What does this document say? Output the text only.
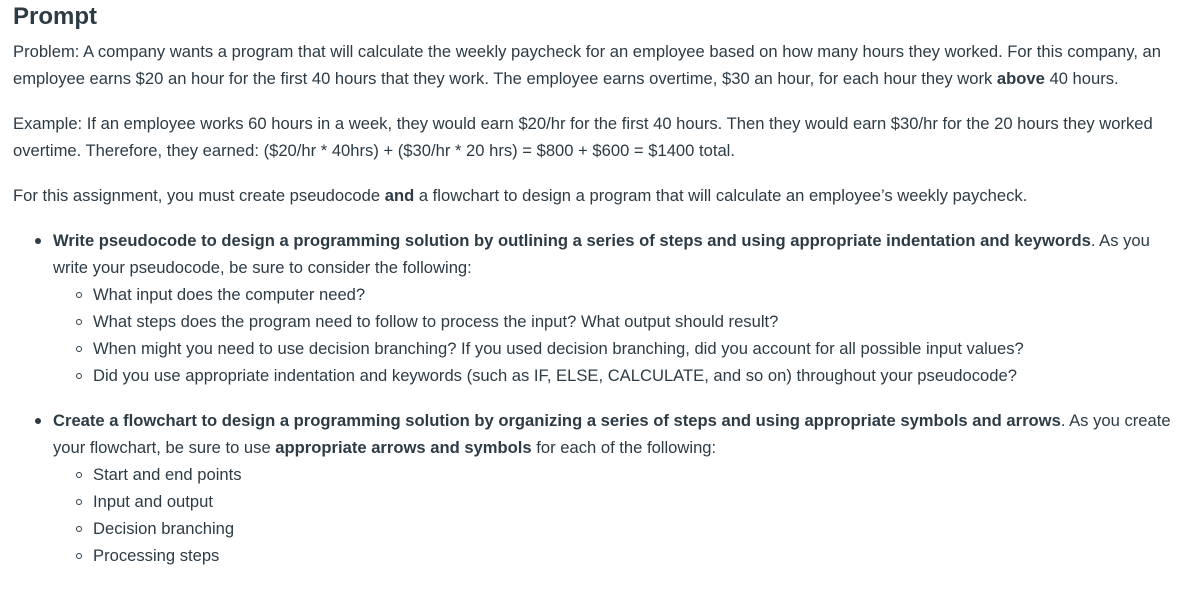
Prompt

Problem: A company wants a program that will calculate the weekly paycheck for an employee based on how many hours they worked. For this company, an employee earns $20 an hour for the first 40 hours that they work. The employee earns overtime, $30 an hour, for each hour they work above 40 hours.

Example: If an employee works 60 hours in a week, they would earn $20/hr for the first 40 hours. Then they would earn $30/hr for the 20 hours they worked overtime. Therefore, they earned: ($20/hr * 40hrs) + ($30/hr * 20 hrs) = $800 + $600 = $1400 total.

For this assignment, you must create pseudocode and a flowchart to design a program that will calculate an employee’s weekly paycheck.

Write pseudocode to design a programming solution by outlining a series of steps and using appropriate indentation and keywords. As you write your pseudocode, be sure to consider the following:
What input does the computer need?
What steps does the program need to follow to process the input? What output should result?
When might you need to use decision branching? If you used decision branching, did you account for all possible input values?
Did you use appropriate indentation and keywords (such as IF, ELSE, CALCULATE, and so on) throughout your pseudocode?
Create a flowchart to design a programming solution by organizing a series of steps and using appropriate symbols and arrows. As you create your flowchart, be sure to use appropriate arrows and symbols for each of the following:
Start and end points
Input and output
Decision branching
Processing steps
